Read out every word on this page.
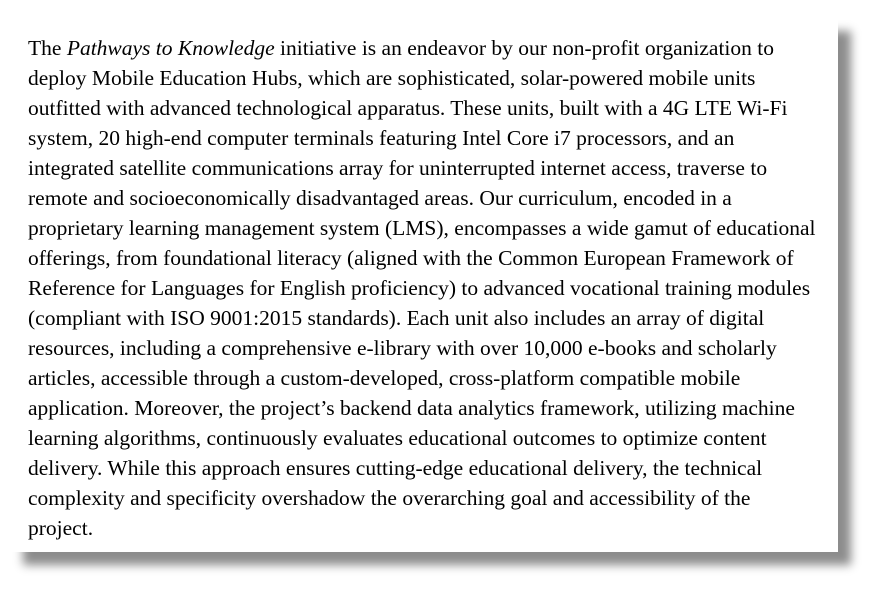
The Pathways to Knowledge initiative is an endeavor by our non-profit organization to deploy Mobile Education Hubs, which are sophisticated, solar-powered mobile units outfitted with advanced technological apparatus. These units, built with a 4G LTE Wi-Fi system, 20 high-end computer terminals featuring Intel Core i7 processors, and an integrated satellite communications array for uninterrupted internet access, traverse to remote and socioeconomically disadvantaged areas. Our curriculum, encoded in a proprietary learning management system (LMS), encompasses a wide gamut of educational offerings, from foundational literacy (aligned with the Common European Framework of Reference for Languages for English proficiency) to advanced vocational training modules (compliant with ISO 9001:2015 standards). Each unit also includes an array of digital resources, including a comprehensive e-library with over 10,000 e-books and scholarly articles, accessible through a custom-developed, cross-platform compatible mobile application. Moreover, the project’s backend data analytics framework, utilizing machine learning algorithms, continuously evaluates educational outcomes to optimize content delivery. While this approach ensures cutting-edge educational delivery, the technical complexity and specificity overshadow the overarching goal and accessibility of the project.
